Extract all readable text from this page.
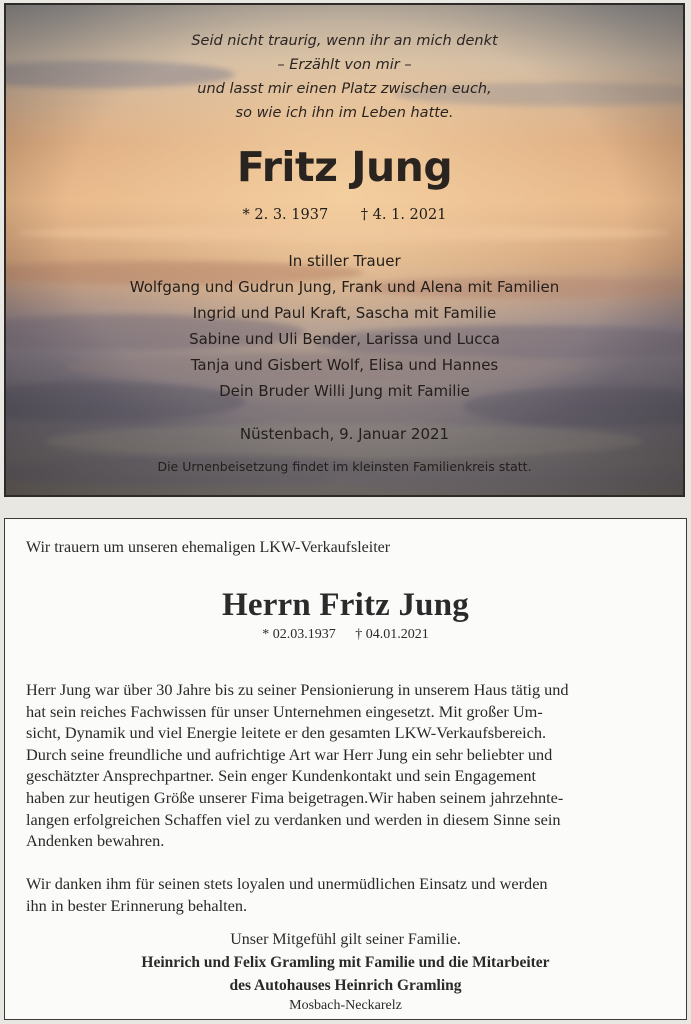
Seid nicht traurig, wenn ihr an mich denkt
– Erzählt von mir –
und lasst mir einen Platz zwischen euch,
so wie ich ihn im Leben hatte.
Fritz Jung
* 2. 3. 1937 † 4. 1. 2021
In stiller Trauer
Wolfgang und Gudrun Jung, Frank und Alena mit Familien
Ingrid und Paul Kraft, Sascha mit Familie
Sabine und Uli Bender, Larissa und Lucca
Tanja und Gisbert Wolf, Elisa und Hannes
Dein Bruder Willi Jung mit Familie
Nüstenbach, 9. Januar 2021
Die Urnenbeisetzung findet im kleinsten Familienkreis statt.
Wir trauern um unseren ehemaligen LKW-Verkaufsleiter
Herrn Fritz Jung
* 02.03.1937 † 04.01.2021
Herr Jung war über 30 Jahre bis zu seiner Pensionierung in unserem Haus tätig und
hat sein reiches Fachwissen für unser Unternehmen eingesetzt. Mit großer Um-
sicht, Dynamik und viel Energie leitete er den gesamten LKW-Verkaufsbereich.
Durch seine freundliche und aufrichtige Art war Herr Jung ein sehr beliebter und
geschätzter Ansprechpartner. Sein enger Kundenkontakt und sein Engagement
haben zur heutigen Größe unserer Fima beigetragen.Wir haben seinem jahrzehnte-
langen erfolgreichen Schaffen viel zu verdanken und werden in diesem Sinne sein
Andenken bewahren.
Wir danken ihm für seinen stets loyalen und unermüdlichen Einsatz und werden
ihn in bester Erinnerung behalten.
Unser Mitgefühl gilt seiner Familie.
Heinrich und Felix Gramling mit Familie und die Mitarbeiter
des Autohauses Heinrich Gramling
Mosbach-Neckarelz
